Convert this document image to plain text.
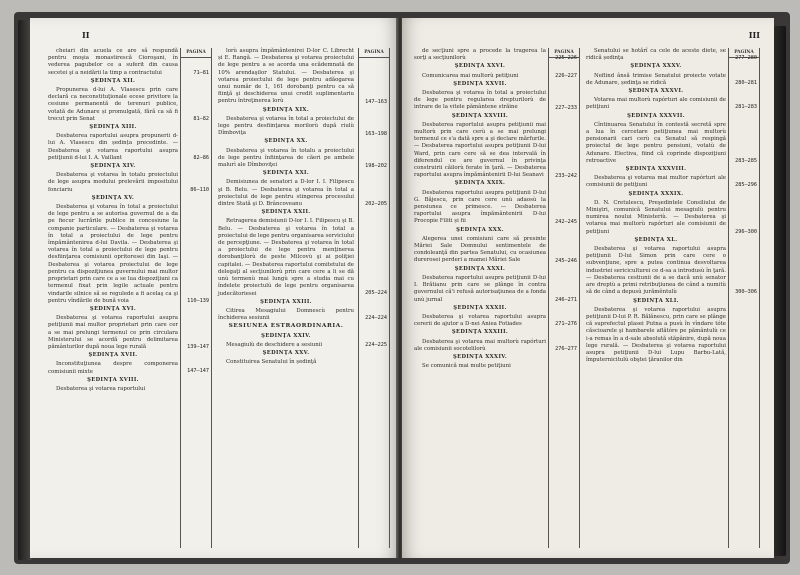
II
cheiari din acuela ce are să respundă pentru moşia monastirescă Cioroşani, în vederea pagubelor ce a suferit din causa secetei şi a neidării la timp a contractului
ŞEDINŢA XII.
Propunerea d-lui A. Vlasescu prin care declară ca neconstituţionale ecese privitore la cesiune permanentă de terenuri publice, votată de Adunare și promulgată, fără ca să fi trecut prin Senat
ŞEDINŢA XIII.
Desbaterea raportului asupra propunerii d-lui A. Vlasescu din ședința precedinte. — Desbaterea şi votarea raportului asupra petiţiunii d-lui I. A. Vaillant
ŞEDINŢA XIV.
Desbaterea şi votarea în totalu proiectului de lege asupra modului prelevării impositului fonciariu
ŞEDINŢA XV.
Desbaterea şi votarea în total a proiectului de lege pentru a se autorisa guvernul de a da pe fiecur lucrările publice in concesiune la companie particulare. — Desbaterea şi votarea în total a proiectului de lege pentru împământenirea d-lui Davila. — Desbaterea şi votarea în total a proiectului de lege pentru desfiinţarea comisiunii opritoresei din Iaşi. — Desbaterea şi votarea proiectului de lege pentru ca dispoziţiunea guvernului mai multor proprietari prin care ce a se lua dispoziţiuni ca termenul fixat prin legile actuale pentru vindarile silnice să se regulede a fi acelaş ca şi pentru vîndările de bună voia
ŞEDINŢA XVI.
Desbaterea şi votarea raportului asupra petiţiunii mai multor proprietari prin care cer a se mai prelungi termenul ce prin circulara Ministerului se acordă pentru delimitarea pământurilor după noua lege rurală
ŞEDINŢA XVII.
Inconstituţiunea despre componerea comisiunii mixte
ŞEDINŢA XVIII.
Desbaterea şi votarea raportului
PAGINA
71—81
81—82
82—86
86—110
110—139
139—147
147—147
lorù asupra împământenirei D-lor C. Librecht și E. Rangă. — Desbaterea şi votarea proiectului de lege pentru a se acorda una ecădemnată de 10% arendaşilor Statului. — Desbaterea şi votarea proiectului de lege pentru adăogarea unui număr de 1, 161 dorobanţi pentru ca să fiinţă şi deschiderea unui credit suplimentariu pentru întreţinerea lorù
ŞEDINŢA XIX.
Desbaterea şi votarea în total a proiectului de lege pentru desfiinţarea morilorù după riulù Dîmboviţa
ŞEDINŢA XX.
Desbaterea şi votarea în totalu a proiectului de lege pentru înfiinţarea de căeri pe ambele malurì ale Dîmboviţei
ŞEDINŢA XXI.
Demisiunea de senatori a D-lor I. I. Filipescu şi B. Belu. — Desbaterea şi votarea în total a proiectului de lege pentru stingerea procesului dintre Stată şi D. Brâncoveanu
ŞEDINŢA XXII.
Retragerea demisiunii D-lor I. I. Filipescu şi B. Belu. — Desbaterea şi votarea în total a proiectului de lege pentru organisarea serviciului de percepţiune. — Desbaterea şi votarea în total a proiectului de lege pentru menţinerea dorobanţilorù de peste Milcovù şi ai poliţiei capitalei. — Desbaterea raportului comitetului de delegaţi al secţiunilorù prin care cere a li se dă unù termenù mai lungù spre a studia mai cu îndelete proiectulù de lege pentru organisarea judecătoriesei
ŞEDINŢA XXIII.
Citirea Mesagiului Domnescù pentru închiderea sesiunii
SESIUNEA ESTRAORDINARIA.
ŞEDINŢA XXIV.
Mesagiulù de deschidere a sesiunii
ŞEDINŢA XXV.
Constituirea Senatului în ședinţă
PAGINA
147—163
163—198
198—202
202—205
205—224
224—224
224—225
III
de secţiuni spre a procede la tragerea la sorţi a secţiunilorù
ŞEDINŢA XXVI.
Comunicarea mai multorù petiţiuni
ŞEDINŢA XXVII.
Desbaterea şi votarea în total a proiectului de lege pentru regularea drepturilorù de intrare de la vitele pământene străine
ŞEDINŢA XXVIII.
Desbaterea raportului asupra petiţiunii mai multorù prin care cerù a se mai prelungi termenul ce s'a dată spre a şi declare mărfurile. — Desbaterea raportului asupra petiţiunii D-lui Ward, prin care cere să se dea intervală în diferendul ce are guvernul în privinţa construirii căilorù ferate în ţară. — Desbaterea raportului asupra împământenirii D-lui Seanavi
ŞEDINŢA XXIX.
Desbaterea raportului asupra petiţiunii D-lui G. Băjescu, prin care cere unù adaosù la pensiunea ce primesce. — Desbaterea raportului asupra împământenirii D-lui Procopie Filiti și fii
ŞEDINŢA XXX.
Alegerea unei comisiuni care să presinte Măriei Sale Domnului sentimentele de condoleanţă din partea Senatului, cu ocasiunea durerosei perderi a mamei Măriei Sale
ŞEDINŢA XXXI.
Desbaterea raportului asupra petiţiunii D-lui I. Brătianu prin care se plânge în contra guvernului că'i refusă autorisaţiunea de a fonda unù jurnal
ŞEDINŢA XXXII.
Desbaterea şi votarea raportului asupra cererii de ajutor a D-nei Aniea Fotiades
ŞEDINŢA XXXIII.
Desbaterea şi votarea mai multorù rapórturi ale comisiunii socotelilorù
ŞEDINŢA XXXIV.
Se comunică mai multe petiţiuni
PAGINA
225—226
226—227
227—233
233—242
242—245
245—246
246—271
271—276
276—277
Senatului se hotărî ca cele de aceste diete, se ridică ședinţa
ŞEDINŢA XXXV.
Neflind ânsă trimise Senatului proiecte votate de Adunare, ședinţa se ridică
ŞEDINŢA XXXVI.
Votarea mai multorù rapórturi ale comisiunii de petiţiuni
ŞEDINŢA XXXVII.
Cîntinuarea Senatului în contestă secretă spre a lua în cercetare petiţiunea mai multorù pensionarii cari cerù ca Senatul să respingă proiectul de lege pentru pensiuni, votatù de Adunare. Electiva, fiind că coprinde dispoziţiuni retroactive
ŞEDINŢA XXXVIII.
Desbaterea şi votarea mai multor rapórturi ale comisiunii de petiţiuni
ŞEDINŢA XXXIX.
D. N. Cretulescu, Preşedintele Consiliului de Miniştri, comunică Senatului mesagiulù pentru numirea noului Ministeriù. — Desbaterea şi votarea mai multorù rapórturi ale comisiunii de petiţiuni
ŞEDINŢA XL.
Desbaterea şi votarea raportului asupra petiţiunii D-lui Simon prin care cere o subvenţiune, spre a putea continua desvoltarea industriei sericiculturei ce d-sa a introdusù în ţară. — Desbaterea cestiunii de a se dacă unù senator are dreptù a primi retribuţiunea de când a numitù să de când a depusù jurămêntulù
ŞEDINŢA XLI.
Desbaterea şi votarea raportului asupra petiţiunii D-lui P. R. Bălănescu, prin care se plânge că suprefectul plasei Putna a pusù în vîndare tóte căscioarele şi hambarele aflătóre pe pământulù ce i-a remas în a d-sale absolută stăpânire, după noua lege rurală. — Desbaterea şi votarea raportului asupra petiţiunii D-lui Lupu Barbu-Lată, împuternicitulù obştei ţăranilor din
PAGINA
277—280
280—281
281—283
283—285
285—296
296—300
300—306
